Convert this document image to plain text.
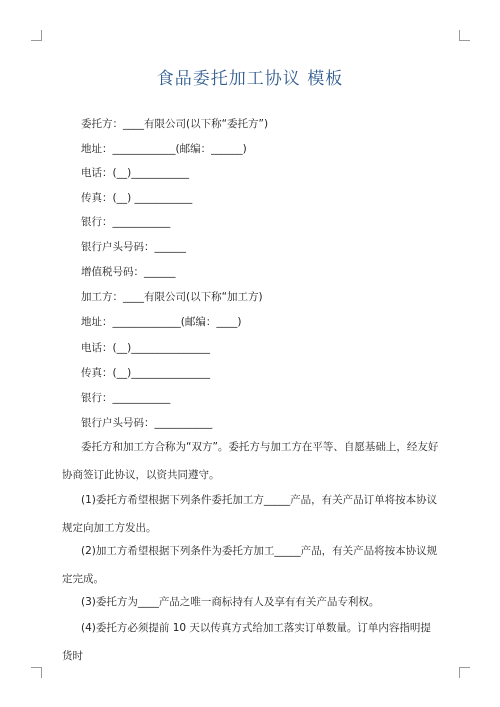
食品委托加工协议 模板
委托方：____有限公司(以下称“委托方”)
地址：____________(邮编：______)
电话：(__)___________
传真：(__) ___________
银行：___________
银行户头号码：______
增值税号码：______
加工方：____有限公司(以下称“加工方)
地址：_____________(邮编：____)
电话：(__)_______________
传真：(__)_______________
银行：___________
银行户头号码：___________
委托方和加工方合称为“双方”。委托方与加工方在平等、自愿基础上，经友好协商签订此协议，以资共同遵守。
(1)委托方希望根据下列条件委托加工方_____产品，有关产品订单将按本协议规定向加工方发出。
(2)加工方希望根据下列条件为委托方加工_____产品，有关产品将按本协议规定完成。
(3)委托方为____产品之唯一商标持有人及享有有关产品专利权。
(4)委托方必须提前 10 天以传真方式给加工落实订单数量。订单内容指明提货时
